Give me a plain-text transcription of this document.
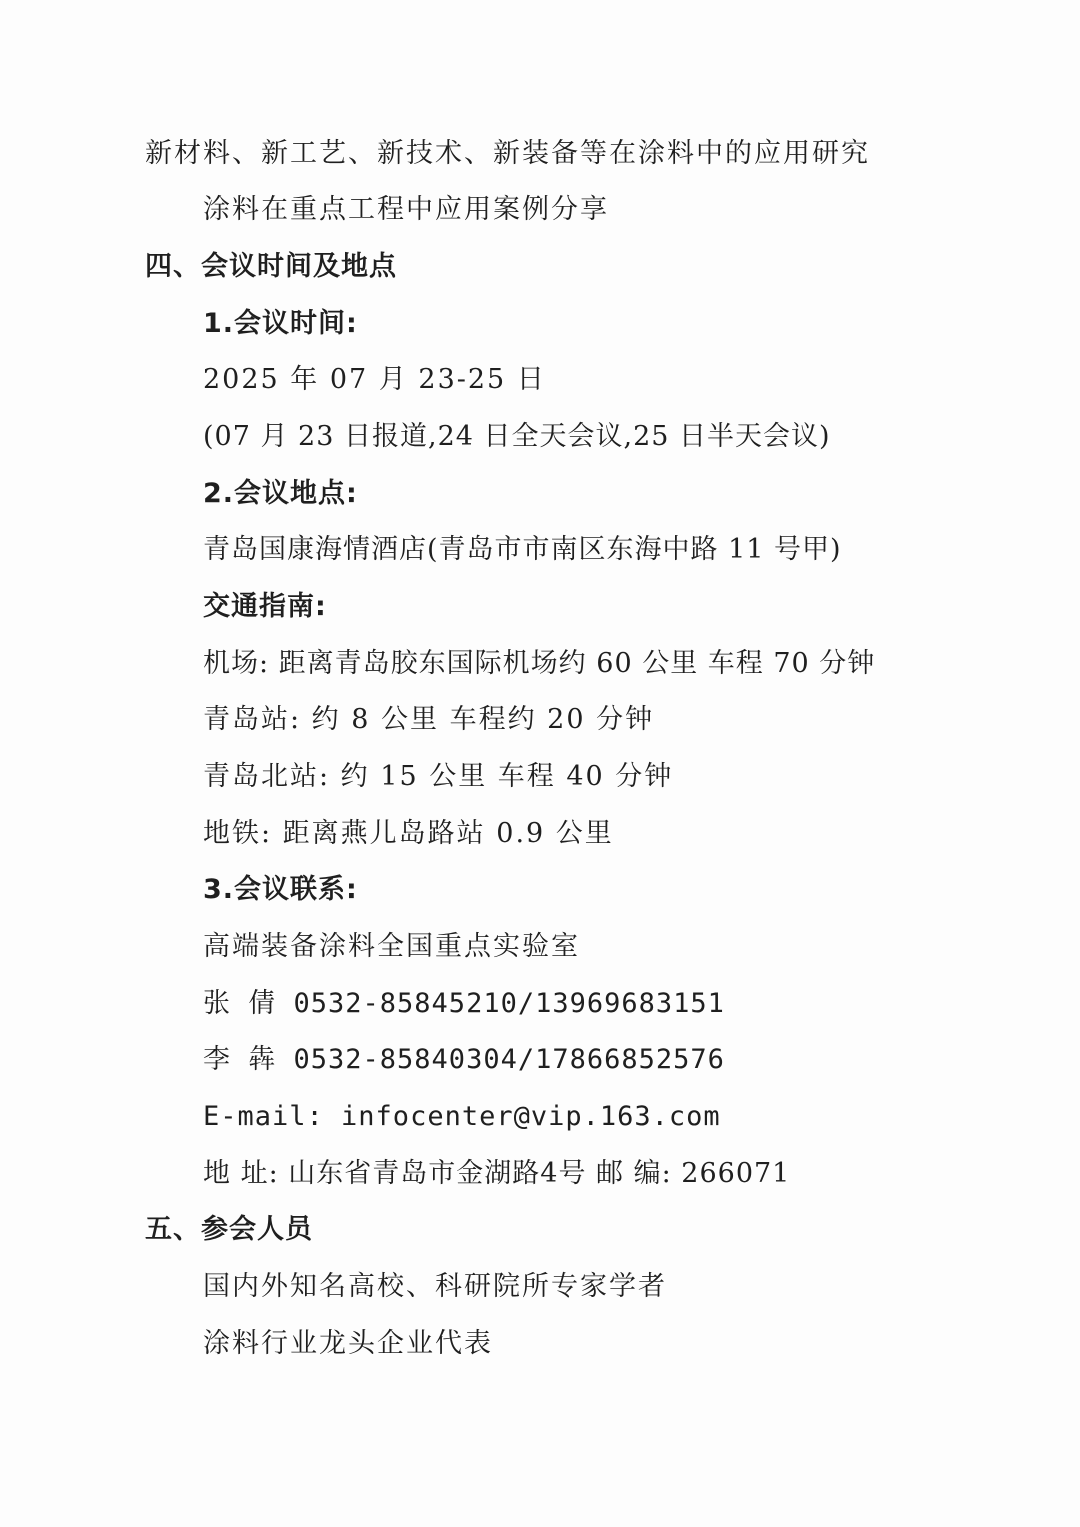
新材料、新工艺、新技术、新装备等在涂料中的应用研究
涂料在重点工程中应用案例分享
四、会议时间及地点
1.会议时间:
2025 年 07 月 23-25 日
(07 月 23 日报道,24 日全天会议,25 日半天会议)
2.会议地点:
青岛国康海情酒店(青岛市市南区东海中路 11 号甲)
交通指南:
机场: 距离青岛胶东国际机场约 60 公里 车程 70 分钟
青岛站: 约 8 公里 车程约 20 分钟
青岛北站: 约 15 公里 车程 40 分钟
地铁: 距离燕儿岛路站 0.9 公里
3.会议联系:
高端装备涂料全国重点实验室
张 倩 0532-85845210/13969683151
李 犇 0532-85840304/17866852576
E-mail: infocenter@vip.163.com
地 址: 山东省青岛市金湖路4号 邮 编: 266071
五、参会人员
国内外知名高校、科研院所专家学者
涂料行业龙头企业代表
